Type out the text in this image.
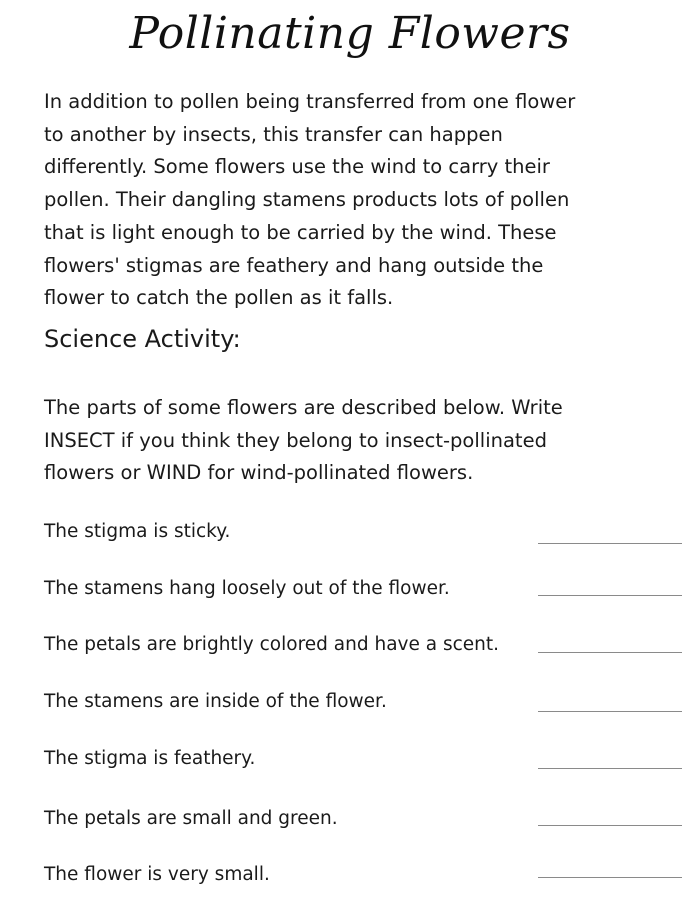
Pollinating Flowers

In addition to pollen being transferred from one flower

to another by insects, this transfer can happen

differently. Some flowers use the wind to carry their

pollen. Their dangling stamens products lots of pollen

that is light enough to be carried by the wind. These

flowers' stigmas are feathery and hang outside the

flower to catch the pollen as it falls.

Science Activity:
The parts of some flowers are described below. Write
INSECT if you think they belong to insect-pollinated
flowers or WIND for wind-pollinated flowers.
The stigma is sticky.
The stamens hang loosely out of the flower.
The petals are brightly colored and have a scent.
The stamens are inside of the flower.
The stigma is feathery.
The petals are small and green.
The flower is very small.
